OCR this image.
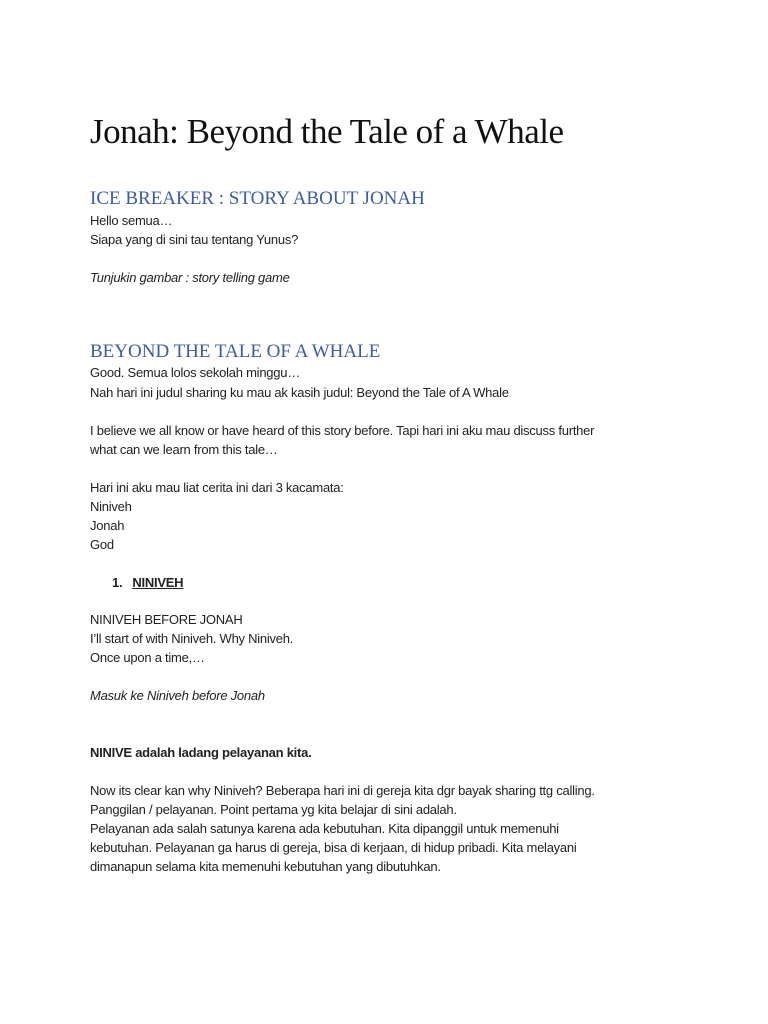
Jonah: Beyond the Tale of a Whale
ICE BREAKER : STORY ABOUT JONAH
Hello semua…
Siapa yang di sini tau tentang Yunus?
Tunjukin gambar : story telling game
BEYOND THE TALE OF A WHALE
Good. Semua lolos sekolah minggu…
Nah hari ini judul sharing ku mau ak kasih judul: Beyond the Tale of A Whale
I believe we all know or have heard of this story before. Tapi hari ini aku mau discuss further
what can we learn from this tale…
Hari ini aku mau liat cerita ini dari 3 kacamata:
Niniveh
Jonah
God
1. NINIVEH
NINIVEH BEFORE JONAH
I’ll start of with Niniveh. Why Niniveh.
Once upon a time,…
Masuk ke Niniveh before Jonah
NINIVE adalah ladang pelayanan kita.
Now its clear kan why Niniveh? Beberapa hari ini di gereja kita dgr bayak sharing ttg calling.
Panggilan / pelayanan. Point pertama yg kita belajar di sini adalah.
Pelayanan ada salah satunya karena ada kebutuhan. Kita dipanggil untuk memenuhi
kebutuhan. Pelayanan ga harus di gereja, bisa di kerjaan, di hidup pribadi. Kita melayani
dimanapun selama kita memenuhi kebutuhan yang dibutuhkan.
